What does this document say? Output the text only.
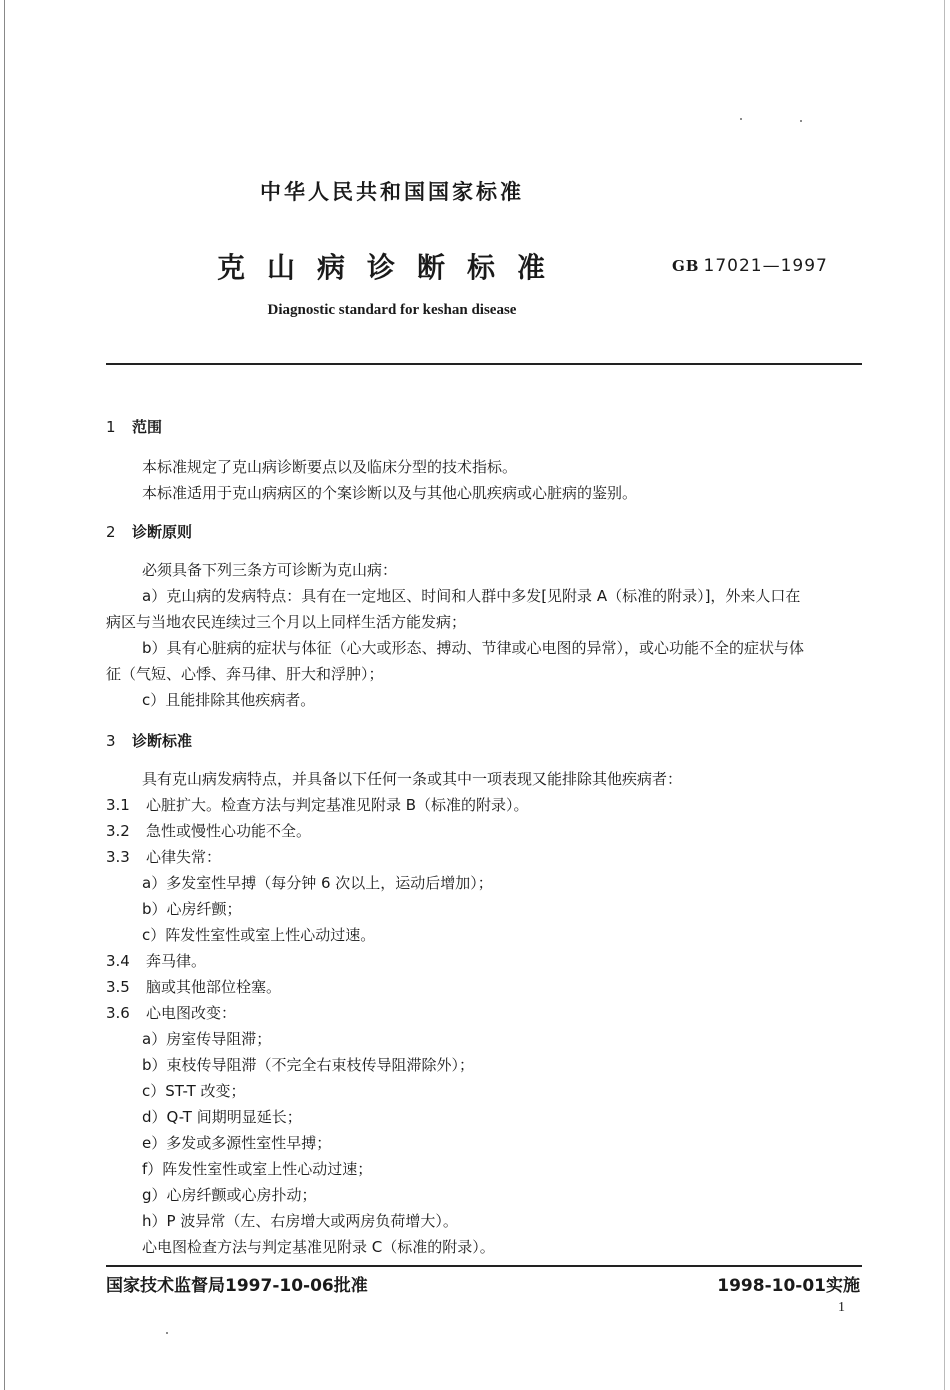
中华人民共和国国家标准
克山病诊断标准	GB 17021—1997
Diagnostic standard for keshan disease
1 范围
本标准规定了克山病诊断要点以及临床分型的技术指标。
本标准适用于克山病病区的个案诊断以及与其他心肌疾病或心脏病的鉴别。
2 诊断原则
必须具备下列三条方可诊断为克山病：
a）克山病的发病特点：具有在一定地区、时间和人群中多发[见附录 A（标准的附录）]，外来人口在
病区与当地农民连续过三个月以上同样生活方能发病；
b）具有心脏病的症状与体征（心大或形态、搏动、节律或心电图的异常），或心功能不全的症状与体
征（气短、心悸、奔马律、肝大和浮肿）；
c）且能排除其他疾病者。
3 诊断标准
具有克山病发病特点，并具备以下任何一条或其中一项表现又能排除其他疾病者：
3.1 心脏扩大。检查方法与判定基准见附录 B（标准的附录）。
3.2 急性或慢性心功能不全。
3.3 心律失常：
a）多发室性早搏（每分钟 6 次以上，运动后增加）；
b）心房纤颤；
c）阵发性室性或室上性心动过速。
3.4 奔马律。
3.5 脑或其他部位栓塞。
3.6 心电图改变：
a）房室传导阻滞；
b）束枝传导阻滞（不完全右束枝传导阻滞除外）；
c）ST-T 改变；
d）Q-T 间期明显延长；
e）多发或多源性室性早搏；
f）阵发性室性或室上性心动过速；
g）心房纤颤或心房扑动；
h）P 波异常（左、右房增大或两房负荷增大）。
心电图检查方法与判定基准见附录 C（标准的附录）。
国家技术监督局1997-10-06批准	1998-10-01实施
1
